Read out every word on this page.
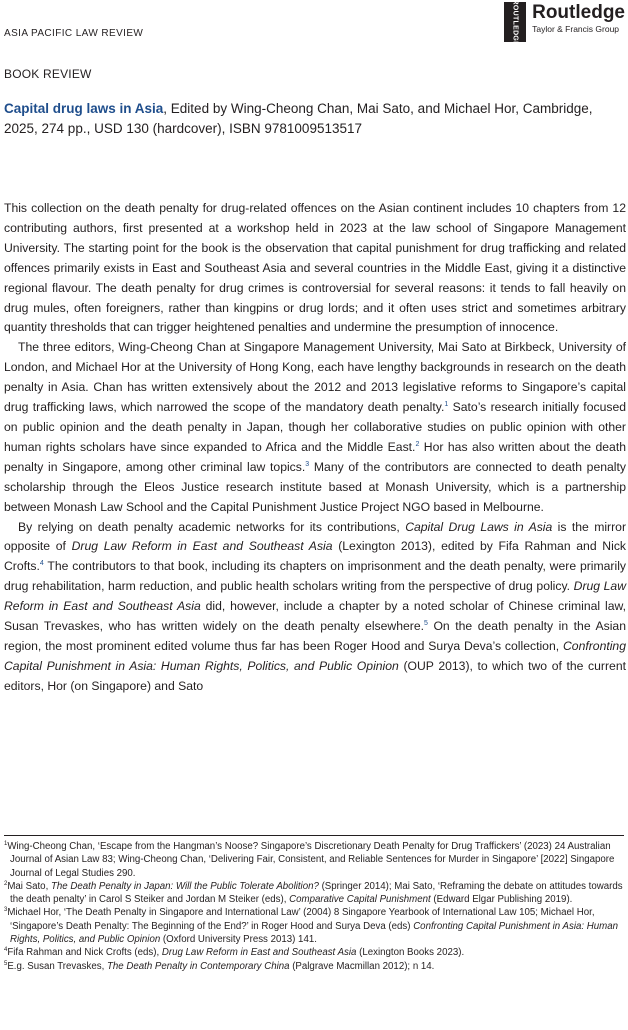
ASIA PACIFIC LAW REVIEW	ROUTLEDGE Routledge
Taylor & Francis Group
BOOK REVIEW
Capital drug laws in Asia, Edited by Wing-Cheong Chan, Mai Sato, and Michael Hor, Cambridge, 2025, 274 pp., USD 130 (hardcover), ISBN 9781009513517

This collection on the death penalty for drug-related offences on the Asian continent includes 10 chapters from 12 contributing authors, first presented at a workshop held in 2023 at the law school of Singapore Management University. The starting point for the book is the observation that capital punishment for drug trafficking and related offences primarily exists in East and Southeast Asia and several countries in the Middle East, giving it a distinctive regional flavour. The death penalty for drug crimes is controversial for several reasons: it tends to fall heavily on drug mules, often foreigners, rather than kingpins or drug lords; and it often uses strict and sometimes arbitrary quantity thresholds that can trigger heightened penalties and undermine the presumption of innocence.

The three editors, Wing-Cheong Chan at Singapore Management University, Mai Sato at Birkbeck, University of London, and Michael Hor at the University of Hong Kong, each have lengthy backgrounds in research on the death penalty in Asia. Chan has written extensively about the 2012 and 2013 legislative reforms to Singapore’s capital drug trafficking laws, which narrowed the scope of the mandatory death penalty.$^1$ Sato’s research initially focused on public opinion and the death penalty in Japan, though her collaborative studies on public opinion with other human rights scholars have since expanded to Africa and the Middle East.$^2$ Hor has also written about the death penalty in Singapore, among other criminal law topics.$^3$ Many of the contributors are connected to death penalty scholarship through the Eleos Justice research institute based at Monash University, which is a partnership between Monash Law School and the Capital Punishment Justice Project NGO based in Melbourne.

By relying on death penalty academic networks for its contributions, Capital Drug Laws in Asia is the mirror opposite of Drug Law Reform in East and Southeast Asia (Lexington 2013), edited by Fifa Rahman and Nick Crofts.$^4$ The contributors to that book, including its chapters on imprisonment and the death penalty, were primarily drug rehabilitation, harm reduction, and public health scholars writing from the perspective of drug policy. Drug Law Reform in East and Southeast Asia did, however, include a chapter by a noted scholar of Chinese criminal law, Susan Trevaskes, who has written widely on the death penalty elsewhere.$^5$ On the death penalty in the Asian region, the most prominent edited volume thus far has been Roger Hood and Surya Deva’s collection, Confronting Capital Punishment in Asia: Human Rights, Politics, and Public Opinion (OUP 2013), to which two of the current editors, Hor (on Singapore) and Sato

$^1$Wing-Cheong Chan, ‘Escape from the Hangman’s Noose? Singapore’s Discretionary Death Penalty for Drug Traffickers’ (2023) 24 Australian Journal of Asian Law 83; Wing-Cheong Chan, ‘Delivering Fair, Consistent, and Reliable Sentences for Murder in Singapore’ [2022] Singapore Journal of Legal Studies 290.

$^2$Mai Sato, The Death Penalty in Japan: Will the Public Tolerate Abolition? (Springer 2014); Mai Sato, ‘Reframing the debate on attitudes towards the death penalty’ in Carol S Steiker and Jordan M Steiker (eds), Comparative Capital Punishment (Edward Elgar Publishing 2019).

$^3$Michael Hor, ‘The Death Penalty in Singapore and International Law’ (2004) 8 Singapore Yearbook of International Law 105; Michael Hor, ‘Singapore’s Death Penalty: The Beginning of the End?’ in Roger Hood and Surya Deva (eds) Confronting Capital Punishment in Asia: Human Rights, Politics, and Public Opinion (Oxford University Press 2013) 141.

$^4$Fifa Rahman and Nick Crofts (eds), Drug Law Reform in East and Southeast Asia (Lexington Books 2023).

$^5$E.g. Susan Trevaskes, The Death Penalty in Contemporary China (Palgrave Macmillan 2012); n 14.
